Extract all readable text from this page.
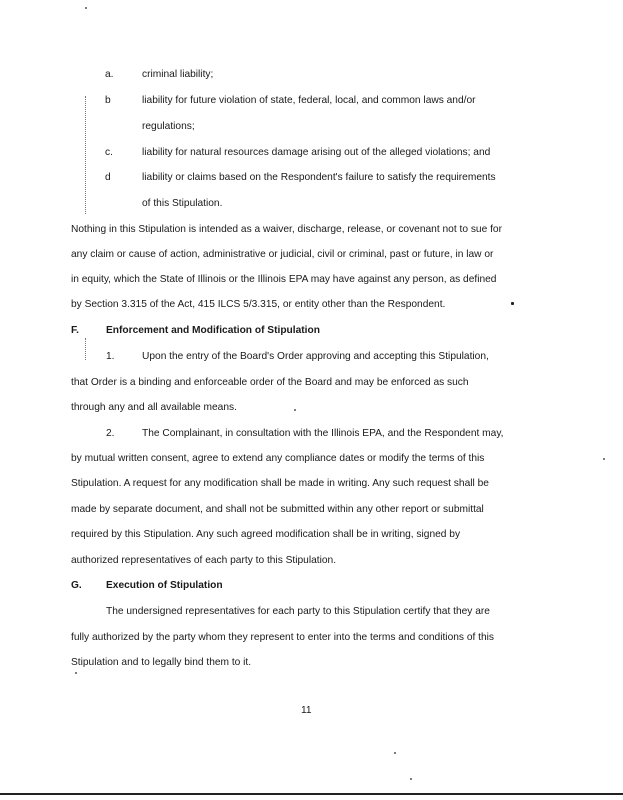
a.	criminal liability;
b	liability for future violation of state, federal, local, and common laws and/or
regulations;
c.	liability for natural resources damage arising out of the alleged violations; and
d	liability or claims based on the Respondent's failure to satisfy the requirements
of this Stipulation.
Nothing in this Stipulation is intended as a waiver, discharge, release, or covenant not to sue for
any claim or cause of action, administrative or judicial, civil or criminal, past or future, in law or
in equity, which the State of Illinois or the Illinois EPA may have against any person, as defined
by Section 3.315 of the Act, 415 ILCS 5/3.315, or entity other than the Respondent.
F.	Enforcement and Modification of Stipulation
1.	Upon the entry of the Board's Order approving and accepting this Stipulation,
that Order is a binding and enforceable order of the Board and may be enforced as such
through any and all available means.
2.	The Complainant, in consultation with the Illinois EPA, and the Respondent may,
by mutual written consent, agree to extend any compliance dates or modify the terms of this
Stipulation. A request for any modification shall be made in writing. Any such request shall be
made by separate document, and shall not be submitted within any other report or submittal
required by this Stipulation. Any such agreed modification shall be in writing, signed by
authorized representatives of each party to this Stipulation.
G. Execution of Stipulation
The undersigned representatives for each party to this Stipulation certify that they are
fully authorized by the party whom they represent to enter into the terms and conditions of this
Stipulation and to legally bind them to it.
11
